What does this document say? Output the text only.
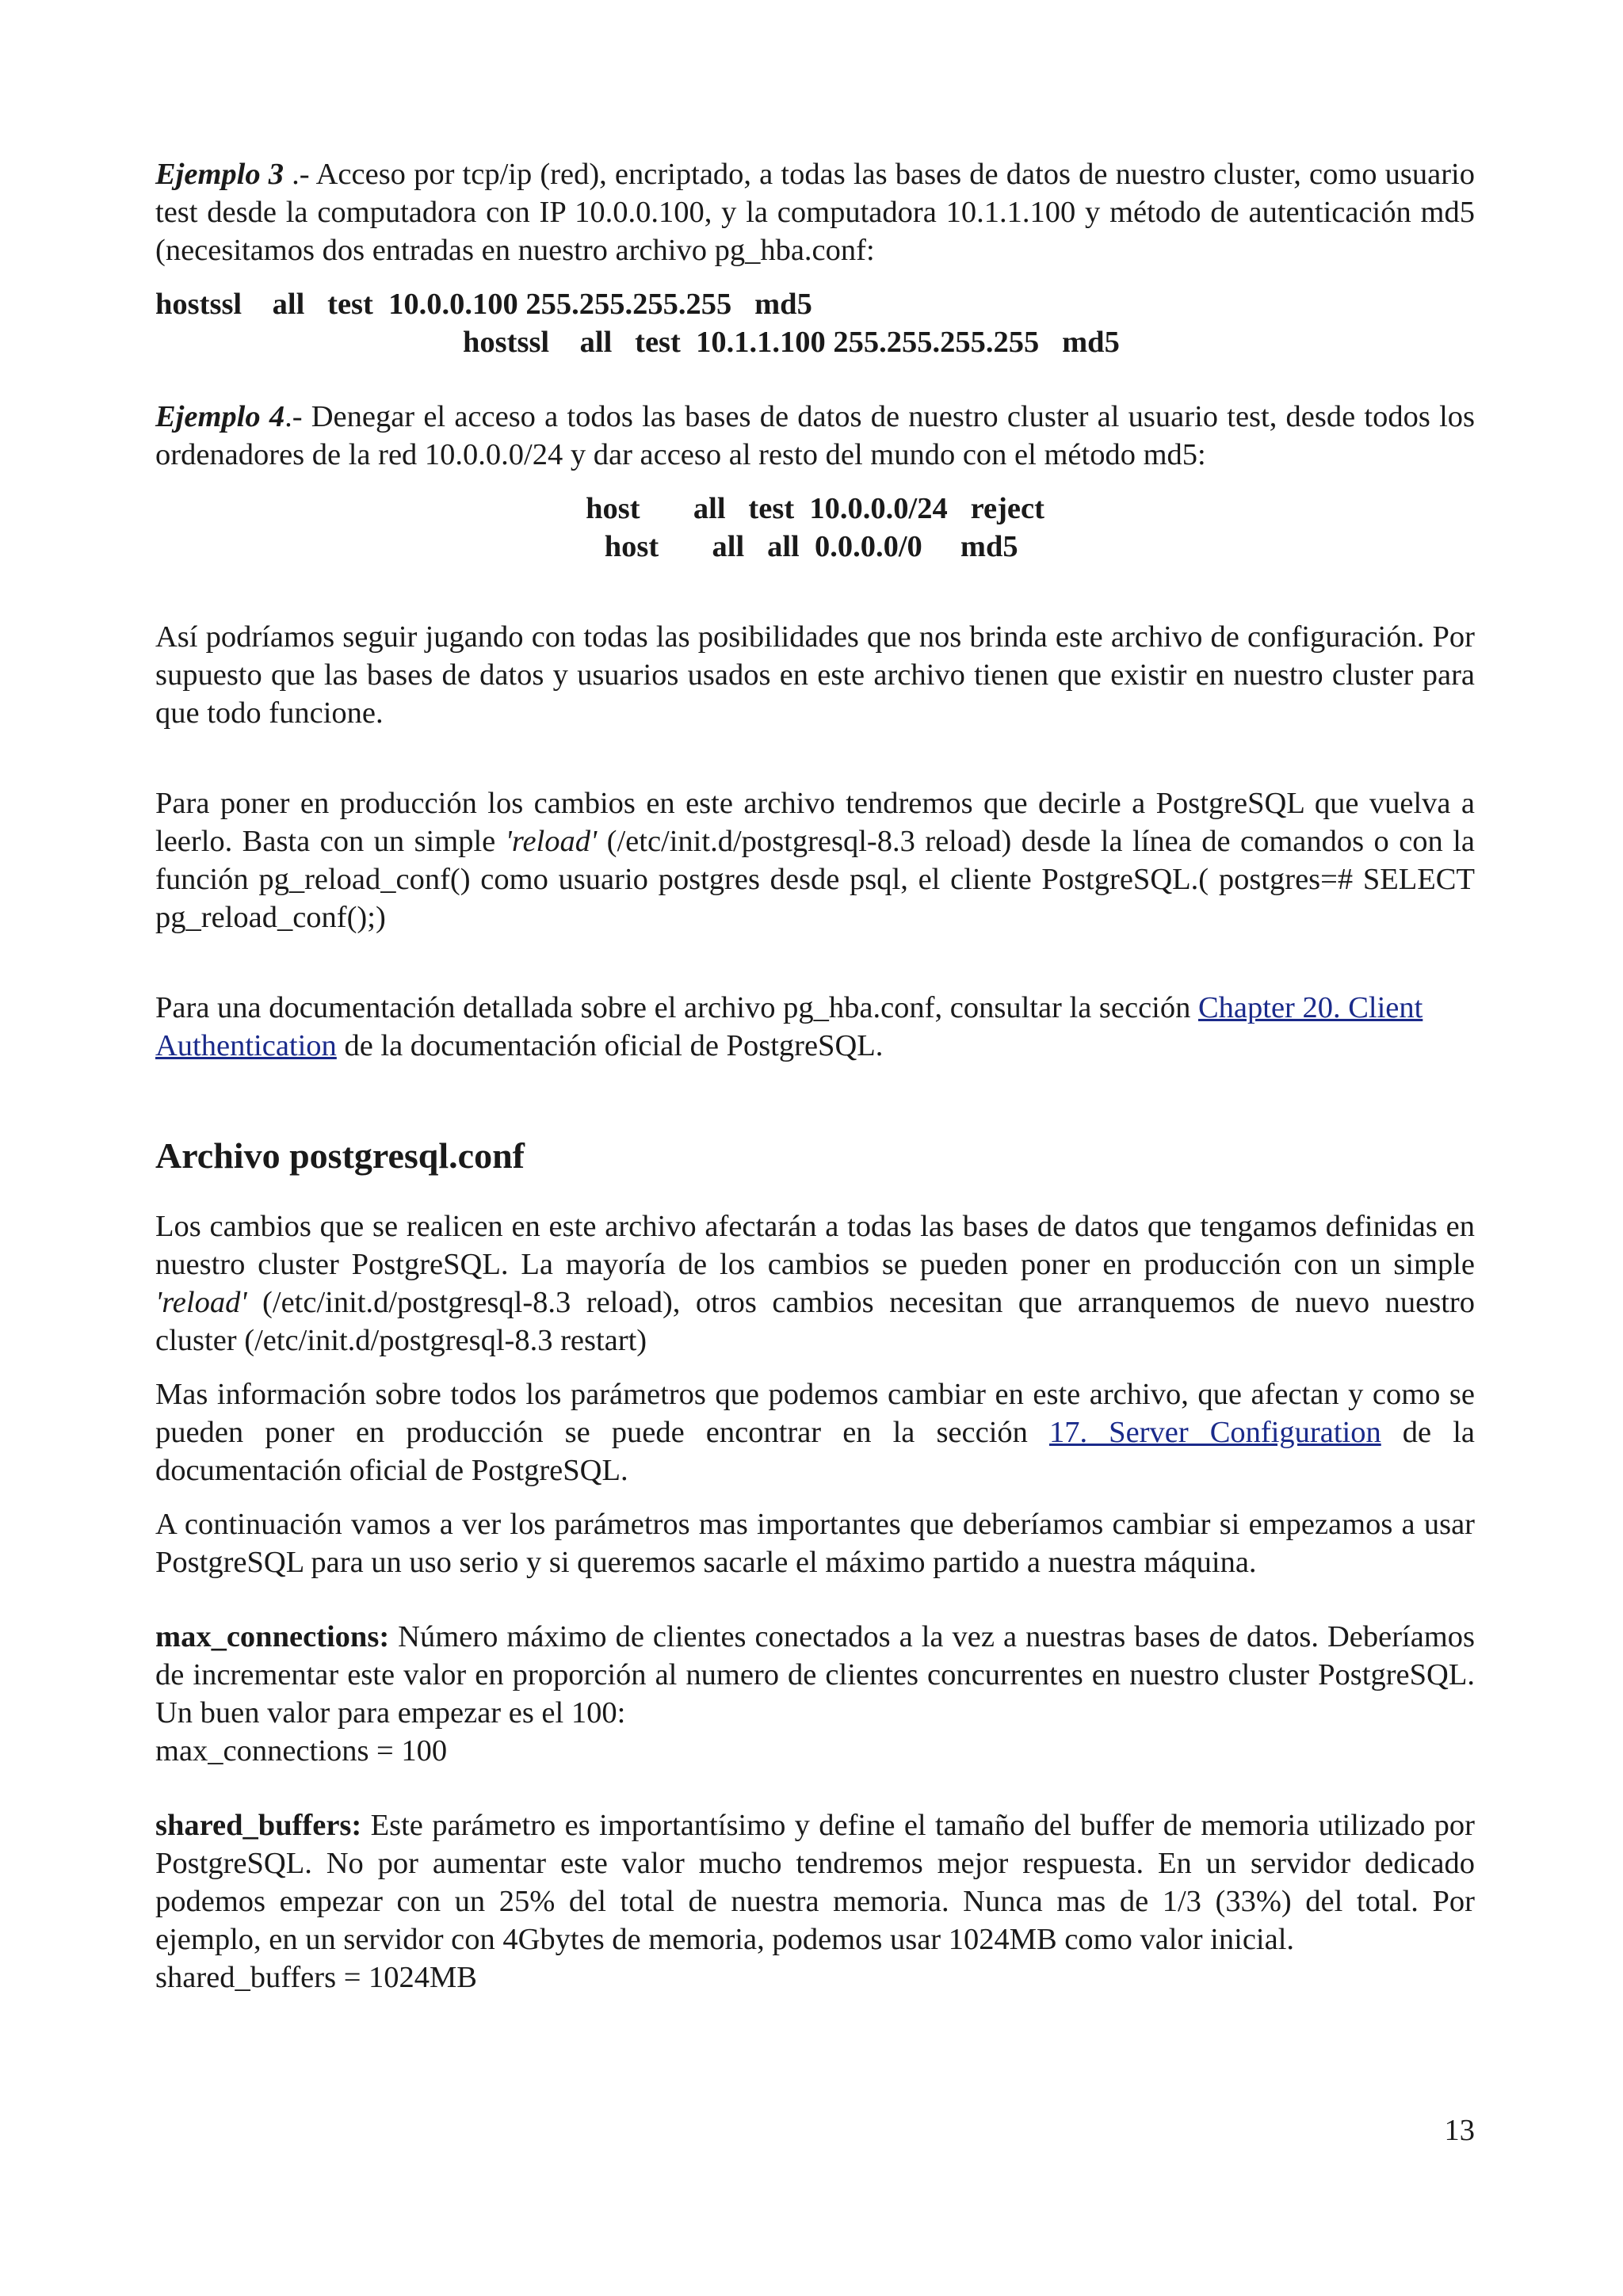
Ejemplo 3 .- Acceso por tcp/ip (red), encriptado, a todas las bases de datos de nuestro cluster, como usuario test desde la computadora con IP 10.0.0.100, y la computadora 10.1.1.100 y método de autenticación md5 (necesitamos dos entradas en nuestro archivo pg_hba.conf:

hostssl    all   test  10.0.0.100 255.255.255.255   md5
hostssl    all   test  10.1.1.100 255.255.255.255   md5

Ejemplo 4.- Denegar el acceso a todos las bases de datos de nuestro cluster al usuario test, desde todos los ordenadores de la red 10.0.0.0/24 y dar acceso al resto del mundo con el método md5:

host       all   test  10.0.0.0/24   reject
host       all   all  0.0.0.0/0     md5

Así podríamos seguir jugando con todas las posibilidades que nos brinda este archivo de configuración. Por supuesto que las bases de datos y usuarios usados en este archivo tienen que existir en nuestro cluster para que todo funcione.

Para poner en producción los cambios en este archivo tendremos que decirle a PostgreSQL que vuelva a leerlo. Basta con un simple 'reload' (/etc/init.d/postgresql-8.3 reload) desde la línea de comandos o con la función pg_reload_conf() como usuario postgres desde psql, el cliente PostgreSQL.( postgres=# SELECT pg_reload_conf();)

Para una documentación detallada sobre el archivo pg_hba.conf, consultar la sección Chapter 20. Client Authentication de la documentación oficial de PostgreSQL.

Archivo postgresql.conf

Los cambios que se realicen en este archivo afectarán a todas las bases de datos que tengamos definidas en nuestro cluster PostgreSQL. La mayoría de los cambios se pueden poner en producción con un simple 'reload' (/etc/init.d/postgresql-8.3 reload), otros cambios necesitan que arranquemos de nuevo nuestro cluster (/etc/init.d/postgresql-8.3 restart)

Mas información sobre todos los parámetros que podemos cambiar en este archivo, que afectan y como se pueden poner en producción se puede encontrar en la sección 17. Server Configuration de la documentación oficial de PostgreSQL.

A continuación vamos a ver los parámetros mas importantes que deberíamos cambiar si empezamos a usar PostgreSQL para un uso serio y si queremos sacarle el máximo partido a nuestra máquina.

max_connections: Número máximo de clientes conectados a la vez a nuestras bases de datos. Deberíamos de incrementar este valor en proporción al numero de clientes concurrentes en nuestro cluster PostgreSQL. Un buen valor para empezar es el 100:
max_connections = 100

shared_buffers: Este parámetro es importantísimo y define el tamaño del buffer de memoria utilizado por PostgreSQL. No por aumentar este valor mucho tendremos mejor respuesta. En un servidor dedicado podemos empezar con un 25% del total de nuestra memoria. Nunca mas de 1/3 (33%) del total. Por ejemplo, en un servidor con 4Gbytes de memoria, podemos usar 1024MB como valor inicial.
shared_buffers = 1024MB

13
